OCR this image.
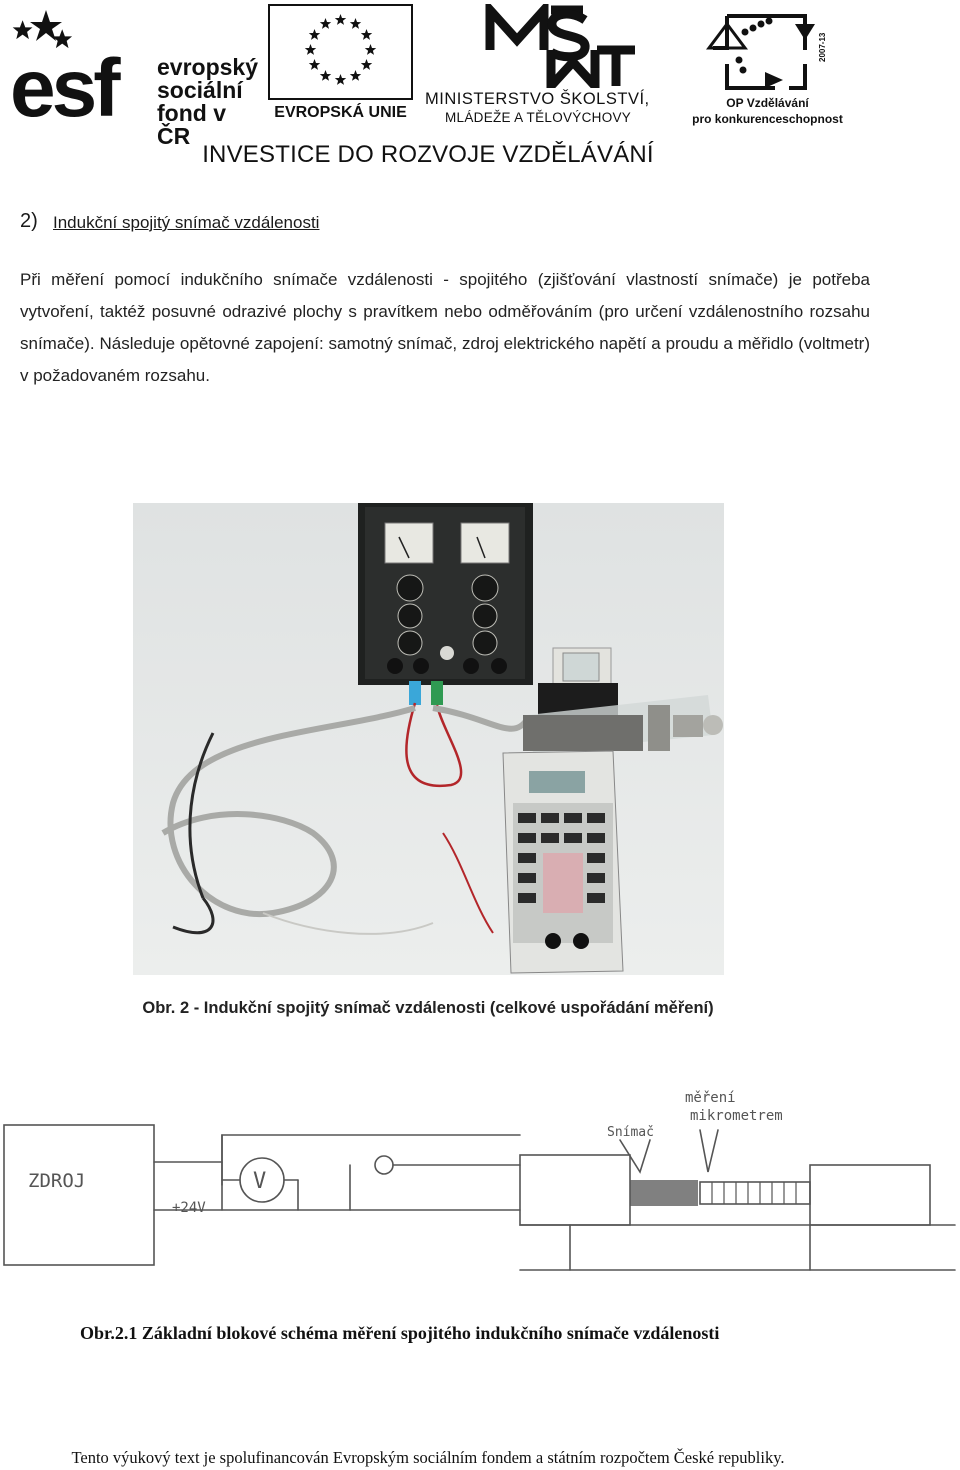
esf evropský
sociální
fond v ČR
EVROPSKÁ UNIE
MINISTERSTVO ŠKOLSTVÍ,
MLÁDEŽE A TĚLOVÝCHOVY
2007-13
OP Vzdělávání
pro konkurenceschopnost
INVESTICE DO ROZVOJE VZDĚLÁVÁNÍ
2) Indukční spojitý snímač vzdálenosti
Při měření pomocí indukčního snímače vzdálenosti - spojitého (zjišťování vlastností snímače) je potřeba vytvoření, taktéž posuvné odrazivé plochy s pravítkem nebo odměřováním (pro určení vzdálenostního rozsahu snímače). Následuje opětovné zapojení: samotný snímač, zdroj elektrického napětí a proudu a měřidlo (voltmetr) v požadovaném rozsahu.
Obr. 2 - Indukční spojitý snímač vzdálenosti (celkové uspořádání měření)
ZDROJ
+24V
V
Snímač
měření
mikrometrem
Obr.2.1 Základní blokové schéma měření spojitého indukčního snímače vzdálenosti
Tento výukový text je spolufinancován Evropským sociálním fondem a státním rozpočtem České republiky.
